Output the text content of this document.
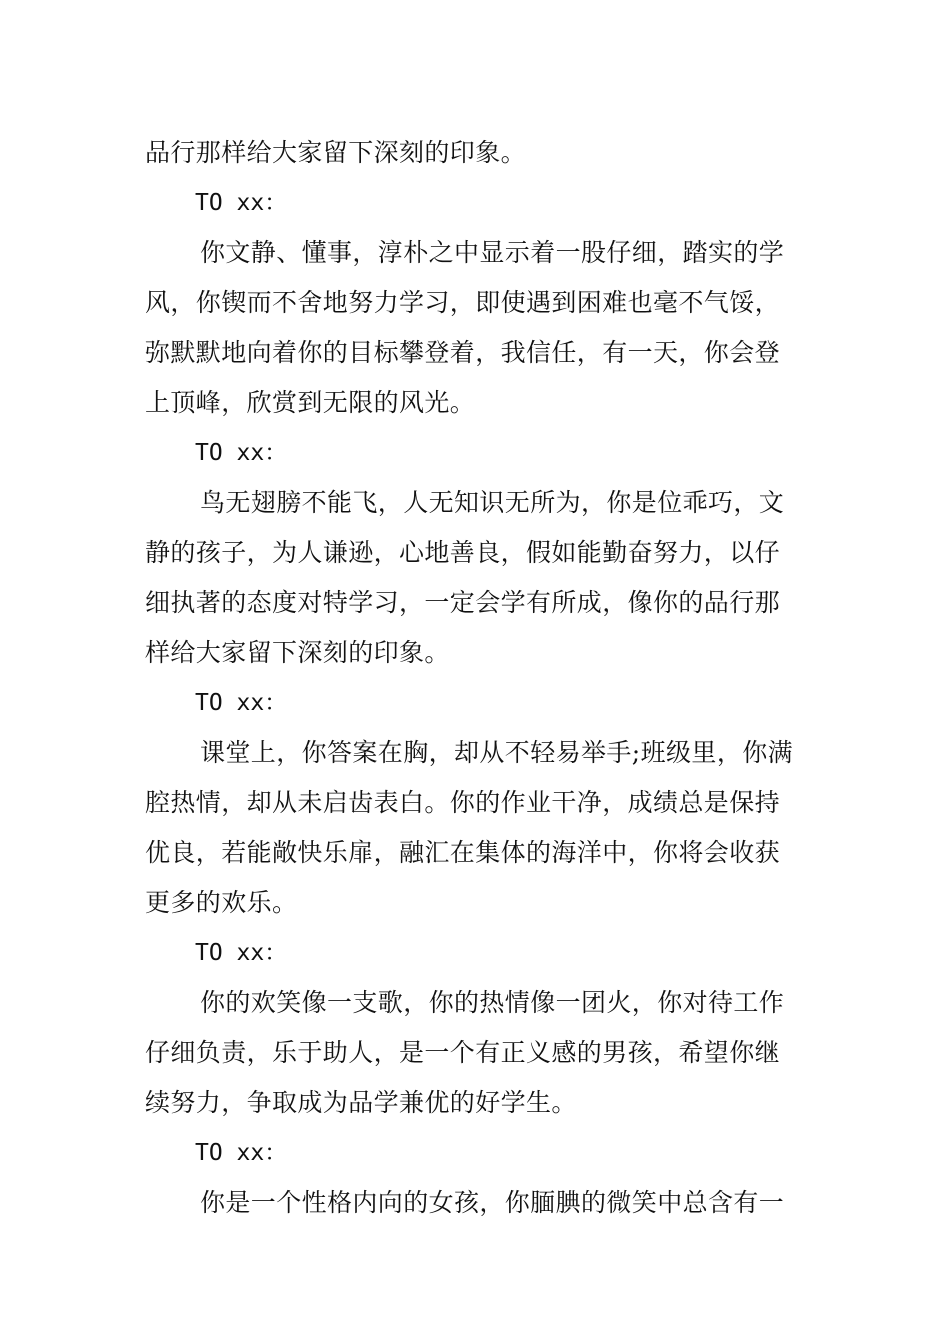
品行那样给大家留下深刻的印象。
TO xx：
你文静、懂事，淳朴之中显示着一股仔细，踏实的学
风，你锲而不舍地努力学习，即使遇到困难也毫不气馁，
弥默默地向着你的目标攀登着，我信任，有一天，你会登
上顶峰，欣赏到无限的风光。
TO xx：
鸟无翅膀不能飞，人无知识无所为，你是位乖巧，文
静的孩子，为人谦逊，心地善良，假如能勤奋努力，以仔
细执著的态度对特学习，一定会学有所成，像你的品行那
样给大家留下深刻的印象。
TO xx：
课堂上，你答案在胸，却从不轻易举手;班级里，你满
腔热情，却从未启齿表白。你的作业干净，成绩总是保持
优良，若能敞快乐扉，融汇在集体的海洋中，你将会收获
更多的欢乐。
TO xx：
你的欢笑像一支歌，你的热情像一团火，你对待工作
仔细负责，乐于助人，是一个有正义感的男孩，希望你继
续努力，争取成为品学兼优的好学生。
TO xx：
你是一个性格内向的女孩，你腼腆的微笑中总含有一
